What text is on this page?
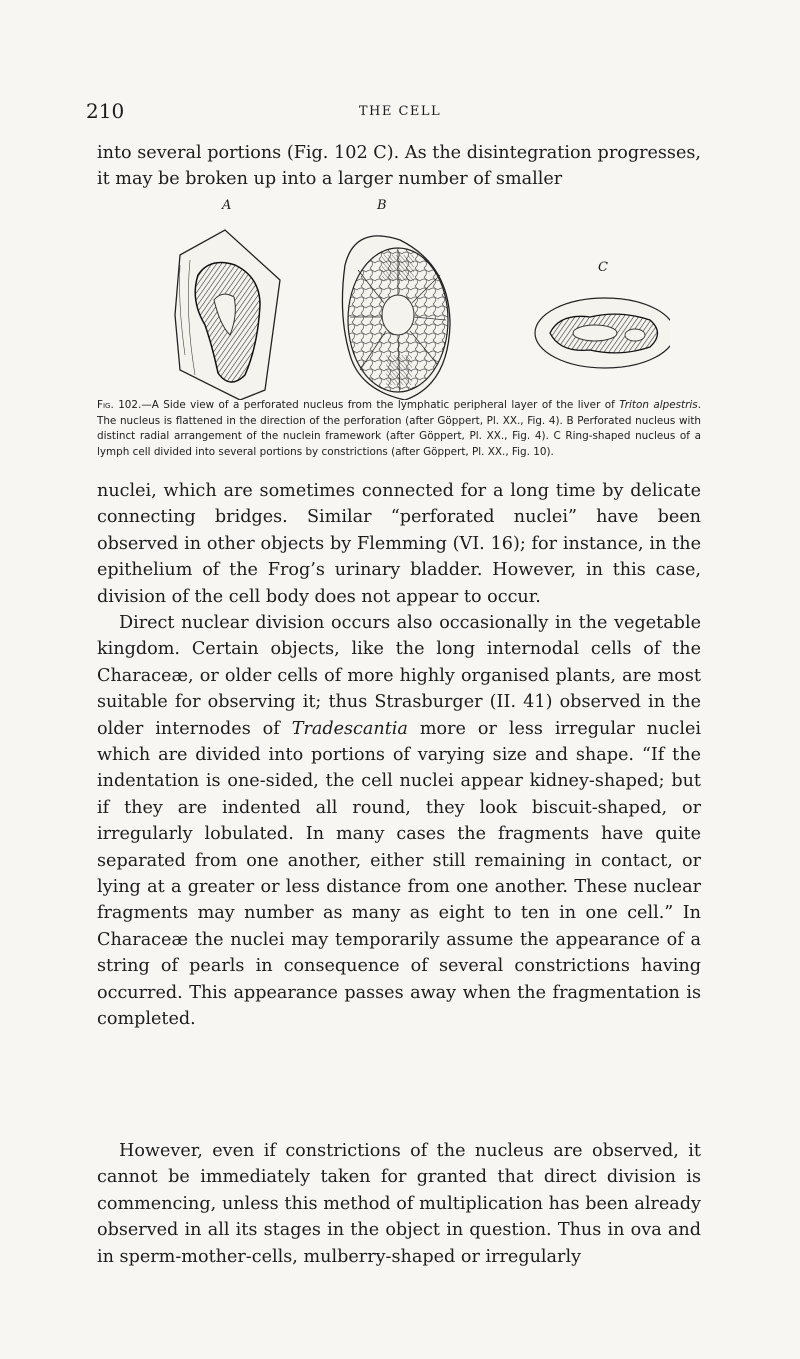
210	THE CELL

into several portions (Fig. 102 C). As the disintegration progresses, it may be broken up into a larger number of smaller

A	B
C

Fig. 102.—A Side view of a perforated nucleus from the lymphatic peripheral layer of the liver of Triton alpestris. The nucleus is flattened in the direction of the perforation (after Göppert, Pl. XX., Fig. 4). B Perforated nucleus with distinct radial arrangement of the nuclein framework (after Göppert, Pl. XX., Fig. 4). C Ring-shaped nucleus of a lymph cell divided into several portions by constrictions (after Göppert, Pl. XX., Fig. 10).

nuclei, which are sometimes connected for a long time by delicate connecting bridges. Similar “perforated nuclei” have been observed in other objects by Flemming (VI. 16); for instance, in the epithelium of the Frog’s urinary bladder. However, in this case, division of the cell body does not appear to occur.

Direct nuclear division occurs also occasionally in the vegetable kingdom. Certain objects, like the long internodal cells of the Characeæ, or older cells of more highly organised plants, are most suitable for observing it; thus Strasburger (II. 41) observed in the older internodes of Tradescantia more or less irregular nuclei which are divided into portions of varying size and shape. “If the indentation is one-sided, the cell nuclei appear kidney-shaped; but if they are indented all round, they look biscuit-shaped, or irregularly lobulated. In many cases the fragments have quite separated from one another, either still remaining in contact, or lying at a greater or less distance from one another. These nuclear fragments may number as many as eight to ten in one cell.” In Characeæ the nuclei may temporarily assume the appearance of a string of pearls in consequence of several constrictions having occurred. This appearance passes away when the fragmentation is completed.

However, even if constrictions of the nucleus are observed, it cannot be immediately taken for granted that direct division is commencing, unless this method of multiplication has been already observed in all its stages in the object in question. Thus in ova and in sperm-mother-cells, mulberry-shaped or irregularly
